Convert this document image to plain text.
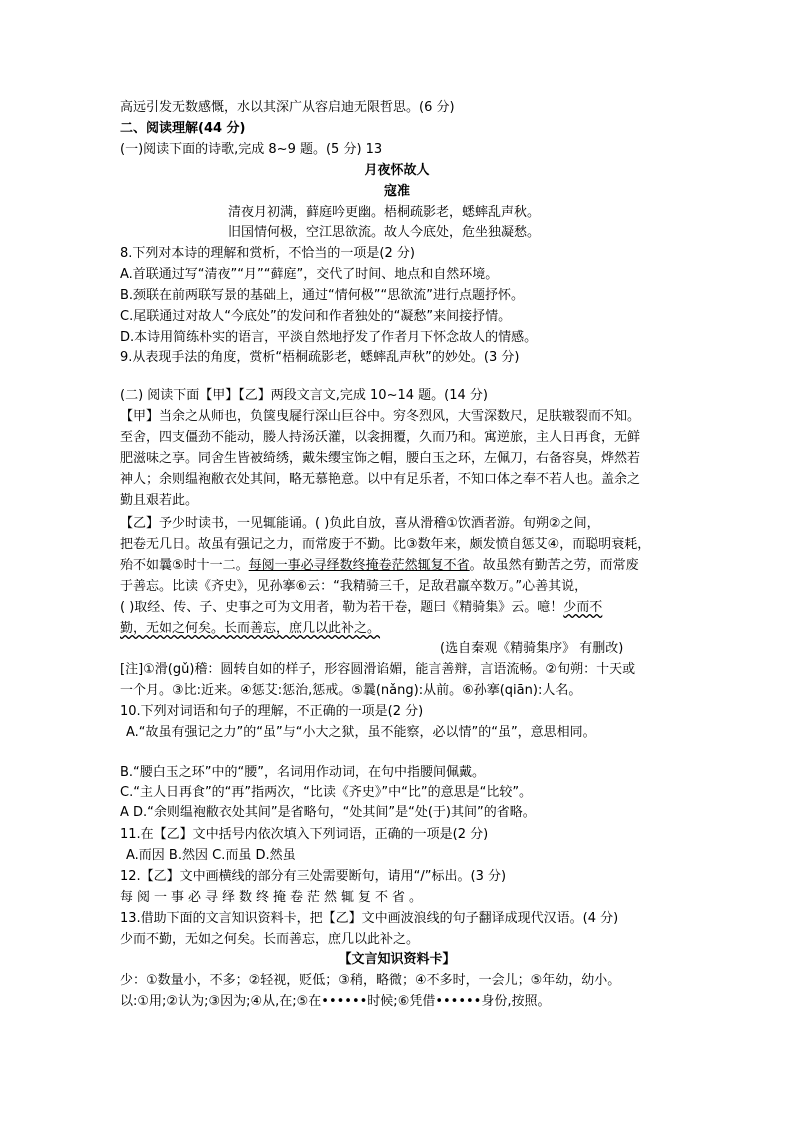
高远引发无数感慨，水以其深广从容启迪无限哲思。(6 分)
二、阅读理解(44 分)
(一)阅读下面的诗歌,完成 8~9 题。(5 分) 13
月夜怀故人
寇准
清夜月初满，藓庭吟更幽。梧桐疏影老，蟋蟀乱声秋。
旧国情何极，空江思欲流。故人今底处，危坐独凝愁。
8.下列对本诗的理解和赏析，不恰当的一项是(2 分)
A.首联通过写“清夜”“月”“藓庭”，交代了时间、地点和自然环境。
B.颈联在前两联写景的基础上，通过“情何极”“思欲流”进行点题抒怀。
C.尾联通过对故人“今底处”的发问和作者独处的“凝愁”来间接抒情。
D.本诗用简练朴实的语言，平淡自然地抒发了作者月下怀念故人的情感。
9.从表现手法的角度，赏析“梧桐疏影老，蟋蟀乱声秋”的妙处。(3 分)
(二) 阅读下面【甲】【乙】两段文言文,完成 10~14 题。(14 分)
【甲】当余之从师也，负箧曳屣行深山巨谷中。穷冬烈风，大雪深数尺，足肤皲裂而不知。
至舍，四支僵劲不能动，媵人持汤沃灌，以衾拥覆，久而乃和。寓逆旅，主人日再食，无鲜
肥滋味之享。同舍生皆被绮绣，戴朱缨宝饰之帽，腰白玉之环，左佩刀，右备容臭，烨然若
神人；余则缊袍敝衣处其间，略无慕艳意。以中有足乐者，不知口体之奉不若人也。盖余之
勤且艰若此。
【乙】予少时读书，一见辄能诵。( )负此自放，喜从滑稽①饮酒者游。旬朔②之间，
把卷无几日。故虽有强记之力，而常废于不勤。比③数年来，颇发愤自惩艾④，而聪明衰耗，
殆不如曩⑤时十一二。每阅一事必寻绎数终掩卷茫然辄复不省。故虽然有勤苦之劳，而常废
于善忘。比读《齐史》，见孙搴⑥云：“我精骑三千，足敌君羸卒数万。”心善其说，
( )取经、传、子、史事之可为文用者，勒为若干卷，题曰《精骑集》云。噫！少而不
勤，无如之何矣。长而善忘，庶几以此补之。
(选自秦观《精骑集序》 有删改)
[注]①滑(gǔ)稽：圆转自如的样子，形容圆滑谄媚，能言善辩，言语流畅。②旬朔：十天或
一个月。③比:近来。④惩艾:惩治,惩戒。⑤曩(nǎng):从前。⑥孙搴(qiān):人名。
10.下列对词语和句子的理解，不正确的一项是(2 分)
A.“故虽有强记之力”的“虽”与“小大之狱，虽不能察，必以情”的“虽”，意思相同。
B.“腰白玉之环”中的“腰”，名词用作动词，在句中指腰间佩戴。
C.“主人日再食”的“再”指两次，“比读《齐史》”中“比”的意思是“比较”。
A D.“余则缊袍敝衣处其间”是省略句，“处其间”是“处(于)其间”的省略。
11.在【乙】文中括号内依次填入下列词语，正确的一项是(2 分)
A.而因 B.然因 C.而虽 D.然虽
12.【乙】文中画横线的部分有三处需要断句，请用“/”标出。(3 分)
每阅一事必寻绎数终掩卷茫然辄复不省。
13.借助下面的文言知识资料卡，把【乙】文中画波浪线的句子翻译成现代汉语。(4 分)
少而不勤，无如之何矣。长而善忘，庶几以此补之。
【文言知识资料卡】
少：①数量小，不多；②轻视，贬低；③稍，略微；④不多时，一会儿；⑤年幼，幼小。
以:①用;②认为;③因为;④从,在;⑤在••••••时候;⑥凭借••••••身份,按照。
